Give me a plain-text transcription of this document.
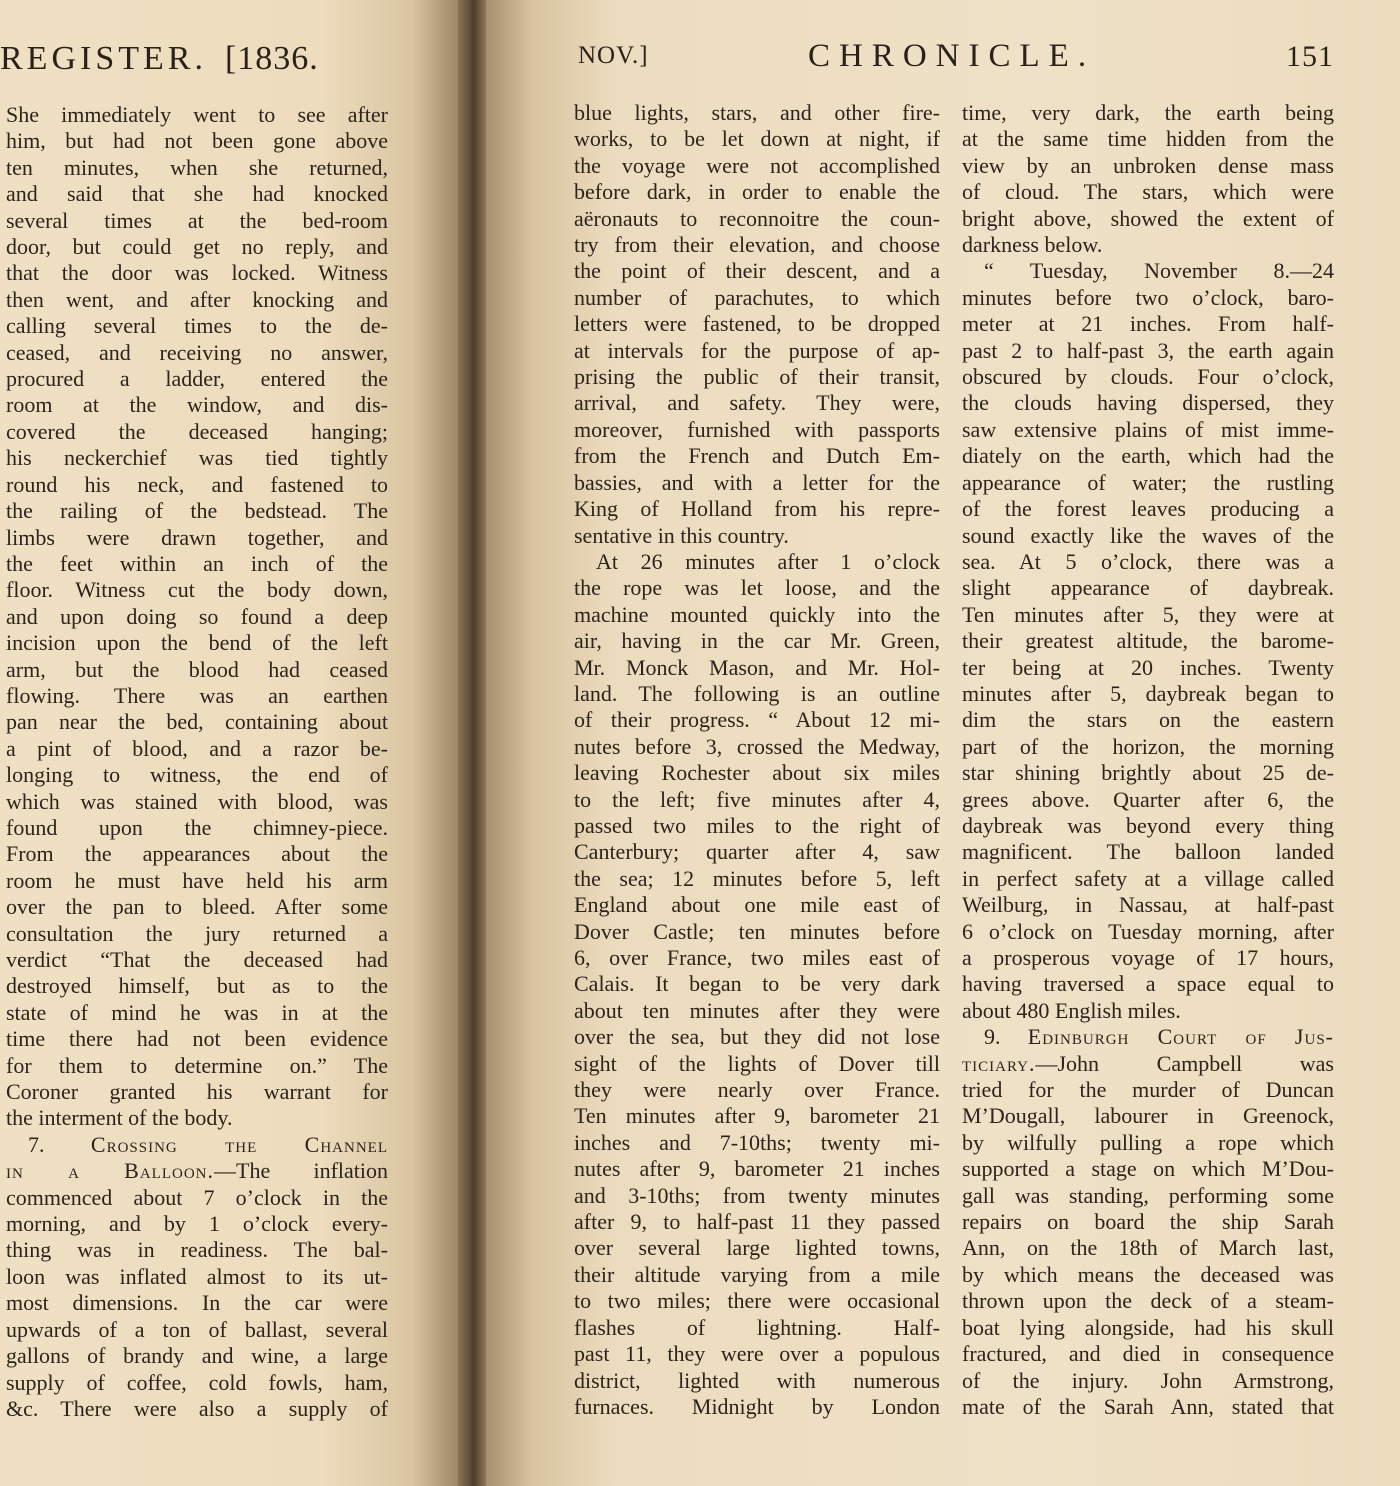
REGISTER. [1836.
She immediately went to see after
him, but had not been gone above
ten minutes, when she returned,
and said that she had knocked
several times at the bed-room
door, but could get no reply, and
that the door was locked. Witness
then went, and after knocking and
calling several times to the de-
ceased, and receiving no answer,
procured a ladder, entered the
room at the window, and dis-
covered the deceased hanging;
his neckerchief was tied tightly
round his neck, and fastened to
the railing of the bedstead. The
limbs were drawn together, and
the feet within an inch of the
floor. Witness cut the body down,
and upon doing so found a deep
incision upon the bend of the left
arm, but the blood had ceased
flowing. There was an earthen
pan near the bed, containing about
a pint of blood, and a razor be-
longing to witness, the end of
which was stained with blood, was
found upon the chimney-piece.
From the appearances about the
room he must have held his arm
over the pan to bleed. After some
consultation the jury returned a
verdict “That the deceased had
destroyed himself, but as to the
state of mind he was in at the
time there had not been evidence
for them to determine on.” The
Coroner granted his warrant for
the interment of the body.
7. Crossing the Channel
in a Balloon.—The inflation
commenced about 7 o’clock in the
morning, and by 1 o’clock every-
thing was in readiness. The bal-
loon was inflated almost to its ut-
most dimensions. In the car were
upwards of a ton of ballast, several
gallons of brandy and wine, a large
supply of coffee, cold fowls, ham,
&c. There were also a supply of
NOV.]	CHRONICLE.	151
blue lights, stars, and other fire-
works, to be let down at night, if
the voyage were not accomplished
before dark, in order to enable the
aëronauts to reconnoitre the coun-
try from their elevation, and choose
the point of their descent, and a
number of parachutes, to which
letters were fastened, to be dropped
at intervals for the purpose of ap-
prising the public of their transit,
arrival, and safety. They were,
moreover, furnished with passports
from the French and Dutch Em-
bassies, and with a letter for the
King of Holland from his repre-
sentative in this country.
At 26 minutes after 1 o’clock
the rope was let loose, and the
machine mounted quickly into the
air, having in the car Mr. Green,
Mr. Monck Mason, and Mr. Hol-
land. The following is an outline
of their progress. “ About 12 mi-
nutes before 3, crossed the Medway,
leaving Rochester about six miles
to the left; five minutes after 4,
passed two miles to the right of
Canterbury; quarter after 4, saw
the sea; 12 minutes before 5, left
England about one mile east of
Dover Castle; ten minutes before
6, over France, two miles east of
Calais. It began to be very dark
about ten minutes after they were
over the sea, but they did not lose
sight of the lights of Dover till
they were nearly over France.
Ten minutes after 9, barometer 21
inches and 7-10ths; twenty mi-
nutes after 9, barometer 21 inches
and 3-10ths; from twenty minutes
after 9, to half-past 11 they passed
over several large lighted towns,
their altitude varying from a mile
to two miles; there were occasional
flashes of lightning. Half-
past 11, they were over a populous
district, lighted with numerous
furnaces. Midnight by London
time, very dark, the earth being
at the same time hidden from the
view by an unbroken dense mass
of cloud. The stars, which were
bright above, showed the extent of
darkness below.
“ Tuesday, November 8.—24
minutes before two o’clock, baro-
meter at 21 inches. From half-
past 2 to half-past 3, the earth again
obscured by clouds. Four o’clock,
the clouds having dispersed, they
saw extensive plains of mist imme-
diately on the earth, which had the
appearance of water; the rustling
of the forest leaves producing a
sound exactly like the waves of the
sea. At 5 o’clock, there was a
slight appearance of daybreak.
Ten minutes after 5, they were at
their greatest altitude, the barome-
ter being at 20 inches. Twenty
minutes after 5, daybreak began to
dim the stars on the eastern
part of the horizon, the morning
star shining brightly about 25 de-
grees above. Quarter after 6, the
daybreak was beyond every thing
magnificent. The balloon landed
in perfect safety at a village called
Weilburg, in Nassau, at half-past
6 o’clock on Tuesday morning, after
a prosperous voyage of 17 hours,
having traversed a space equal to
about 480 English miles.
9. Edinburgh Court of Jus-
ticiary.—John Campbell was
tried for the murder of Duncan
M’Dougall, labourer in Greenock,
by wilfully pulling a rope which
supported a stage on which M’Dou-
gall was standing, performing some
repairs on board the ship Sarah
Ann, on the 18th of March last,
by which means the deceased was
thrown upon the deck of a steam-
boat lying alongside, had his skull
fractured, and died in consequence
of the injury. John Armstrong,
mate of the Sarah Ann, stated that
